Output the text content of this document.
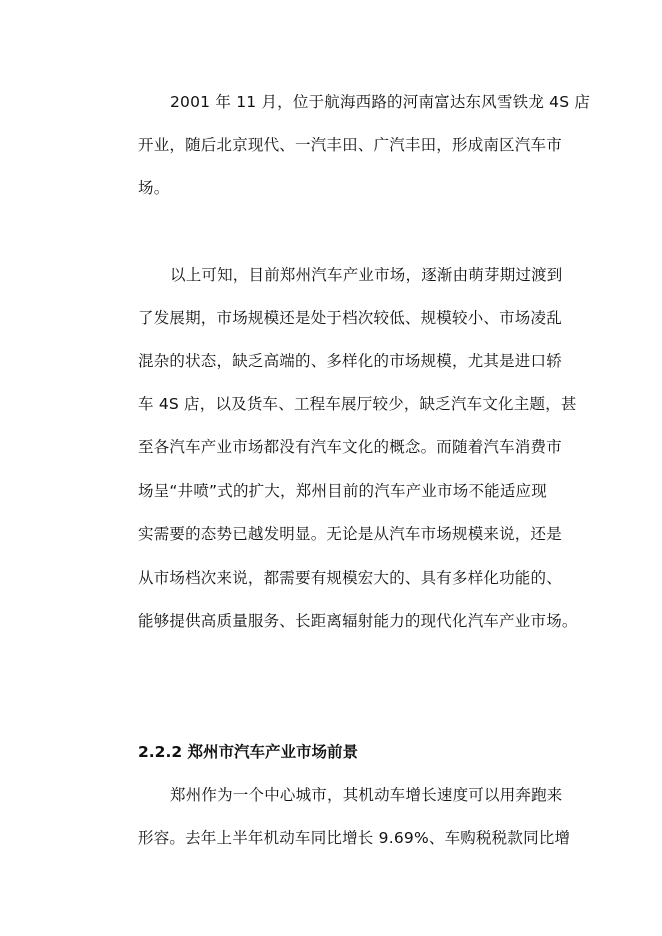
2001 年 11 月，位于航海西路的河南富达东风雪铁龙 4S 店
开业，随后北京现代、一汽丰田、广汽丰田，形成南区汽车市
场。
以上可知，目前郑州汽车产业市场，逐渐由萌芽期过渡到
了发展期，市场规模还是处于档次较低、规模较小、市场凌乱
混杂的状态，缺乏高端的、多样化的市场规模，尤其是进口轿
车 4S 店，以及货车、工程车展厅较少，缺乏汽车文化主题，甚
至各汽车产业市场都没有汽车文化的概念。而随着汽车消费市
场呈“井喷”式的扩大，郑州目前的汽车产业市场不能适应现
实需要的态势已越发明显。无论是从汽车市场规模来说，还是
从市场档次来说，都需要有规模宏大的、具有多样化功能的、
能够提供高质量服务、长距离辐射能力的现代化汽车产业市场。
2.2.2 郑州市汽车产业市场前景
郑州作为一个中心城市，其机动车增长速度可以用奔跑来
形容。去年上半年机动车同比增长 9.69%、车购税税款同比增
